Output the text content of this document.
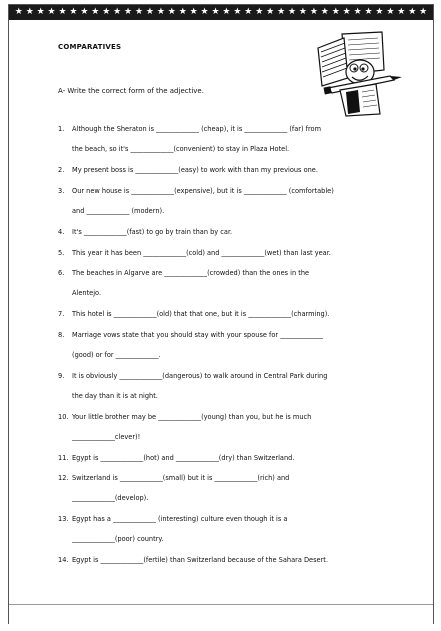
★ ★ ★ ★ ★ ★ ★ ★ ★ ★ ★ ★ ★ ★ ★ ★ ★ ★ ★ ★ ★ ★ ★ ★ ★ ★ ★ ★ ★ ★ ★ ★ ★ ★ ★ ★ ★ ★
COMPARATIVES
A- Write the correct form of the adjective.
1.	Although the Sheraton is _____________ (cheap), it is _____________ (far) from
the beach, so it's _____________(convenient) to stay in Plaza Hotel.
2.	My present boss is _____________(easy) to work with than my previous one.
3.	Our new house is _____________(expensive), but it is _____________ (comfortable)
and _____________ (modern).
4.	It's _____________(fast) to go by train than by car.
5.	This year it has been _____________(cold) and _____________(wet) than last year.
6.	The beaches in Algarve are _____________(crowded) than the ones in the
Alentejo.
7.	This hotel is _____________(old) that that one, but it is _____________(charming).
8.	Marriage vows state that you should stay with your spouse for _____________
(good) or for _____________.
9.	It is obviously _____________(dangerous) to walk around in Central Park during
the day than it is at night.
10. Your little brother may be _____________(young) than you, but he is much
_____________clever)!
11. Egypt is _____________(hot) and _____________(dry) than Switzerland.
12. Switzerland is _____________(small) but it is _____________(rich) and
_____________(develop).
13. Egypt has a _____________ (interesting) culture even though it is a
_____________(poor) country.
14. Egypt is _____________(fertile) than Switzerland because of the Sahara Desert.
